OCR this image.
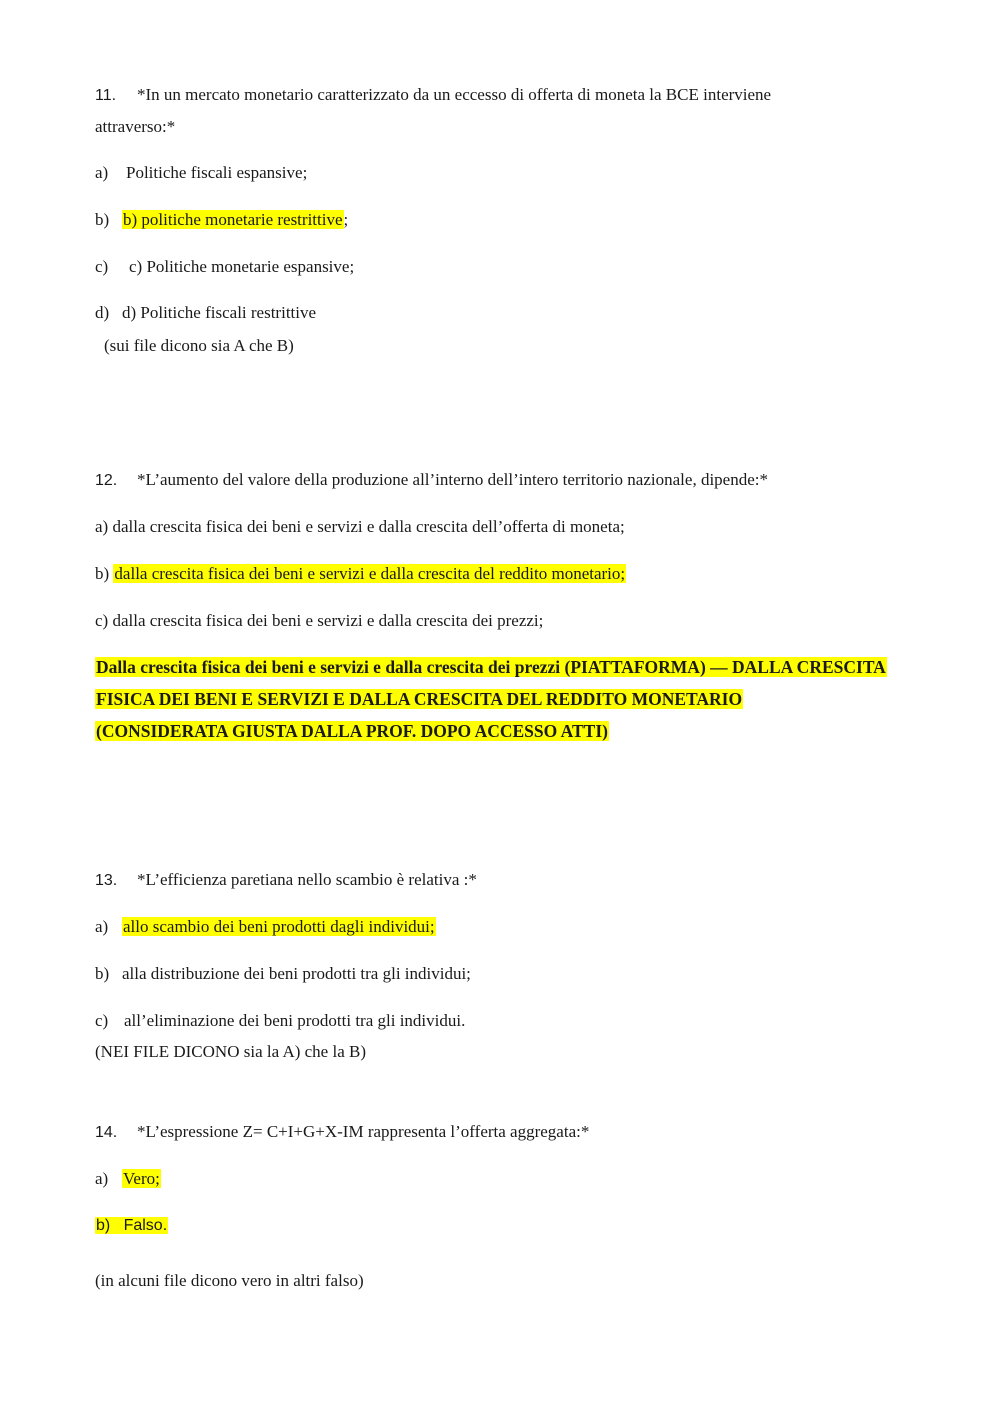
11. *In un mercato monetario caratterizzato da un eccesso di offerta di moneta la BCE interviene
attraverso:*
a) Politiche fiscali espansive;
b) b) politiche monetarie restrittive;
c) c) Politiche monetarie espansive;
d) d) Politiche fiscali restrittive
(sui file dicono sia A che B)
12. *L’aumento del valore della produzione all’interno dell’intero territorio nazionale, dipende:*
a) dalla crescita fisica dei beni e servizi e dalla crescita dell’offerta di moneta;
b) dalla crescita fisica dei beni e servizi e dalla crescita del reddito monetario;
c) dalla crescita fisica dei beni e servizi e dalla crescita dei prezzi;
Dalla crescita fisica dei beni e servizi e dalla crescita dei prezzi (PIATTAFORMA) — DALLA CRESCITA
FISICA DEI BENI E SERVIZI E DALLA CRESCITA DEL REDDITO MONETARIO
(CONSIDERATA GIUSTA DALLA PROF. DOPO ACCESSO ATTI)
13. *L’efficienza paretiana nello scambio è relativa :*
a) allo scambio dei beni prodotti dagli individui;
b) alla distribuzione dei beni prodotti tra gli individui;
c) all’eliminazione dei beni prodotti tra gli individui.
(NEI FILE DICONO sia la A) che la B)
14. *L’espressione Z= C+I+G+X-IM rappresenta l’offerta aggregata:*
a) Vero;
b)   Falso.
(in alcuni file dicono vero in altri falso)
